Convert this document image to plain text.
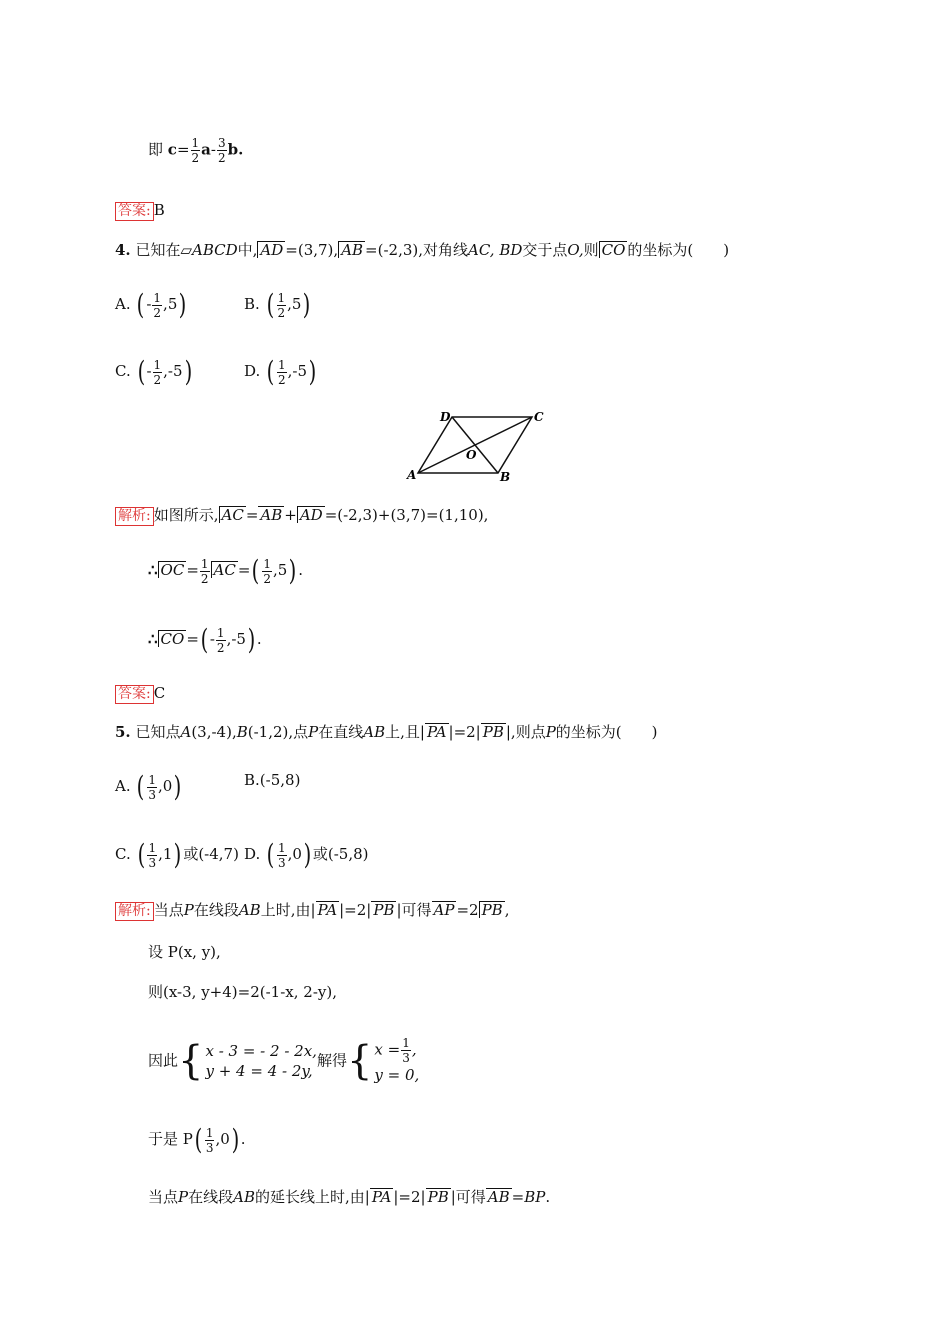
即 $c= \frac{1}{2} a- \frac{3}{2} b$.
答案: B
4. 已知在▱ABCD中, AD =(3,7), AB =(-2,3),对角线AC, BD交于点O,则 CO 的坐标为(　　)
A. ( - $\frac{1}{2} ,5$)	B. ( $\frac{1}{2} ,5$)
C. ( - $\frac{1}{2} ,-5$)	D. ( $\frac{1}{2} ,-5$)
D	C
A	B
O
解析: 如图所示, AC = AB + AD =(-2,3)+(3,7)=(1,10),
∴ OC = $\frac{1}{2}$ AC =( $\frac{1}{2} ,5$) .
∴ CO =( - $\frac{1}{2} ,-5$) .
答案: C
5. 已知点A(3,-4),B(-1,2),点P在直线AB上,且| PA |=2| PB |,则点P的坐标为(　　)
A. ( $\frac{1}{3} ,0$)	B.(-5,8)
C. ( $\frac{1}{3} ,1$) 或(-4,7) D. ( $\frac{1}{3} ,0$) 或(-5,8)
解析: 当点P在线段AB上时,由| PA |=2| PB |可得 AP =2 PB ,
设 P(x, y),
则(x-3, y+4)=2(-1-x, 2-y),
因此{ x - 3 = - 2 - 2x,
y + 4 = 4 - 2y,
解得{ $x = \frac{1}{3}$ ,
y = 0,
于是 $P( \frac{1}{3} ,0)$ .
当点P在线段AB的延长线上时,由| PA |=2| PB |可得 AB =BP.
